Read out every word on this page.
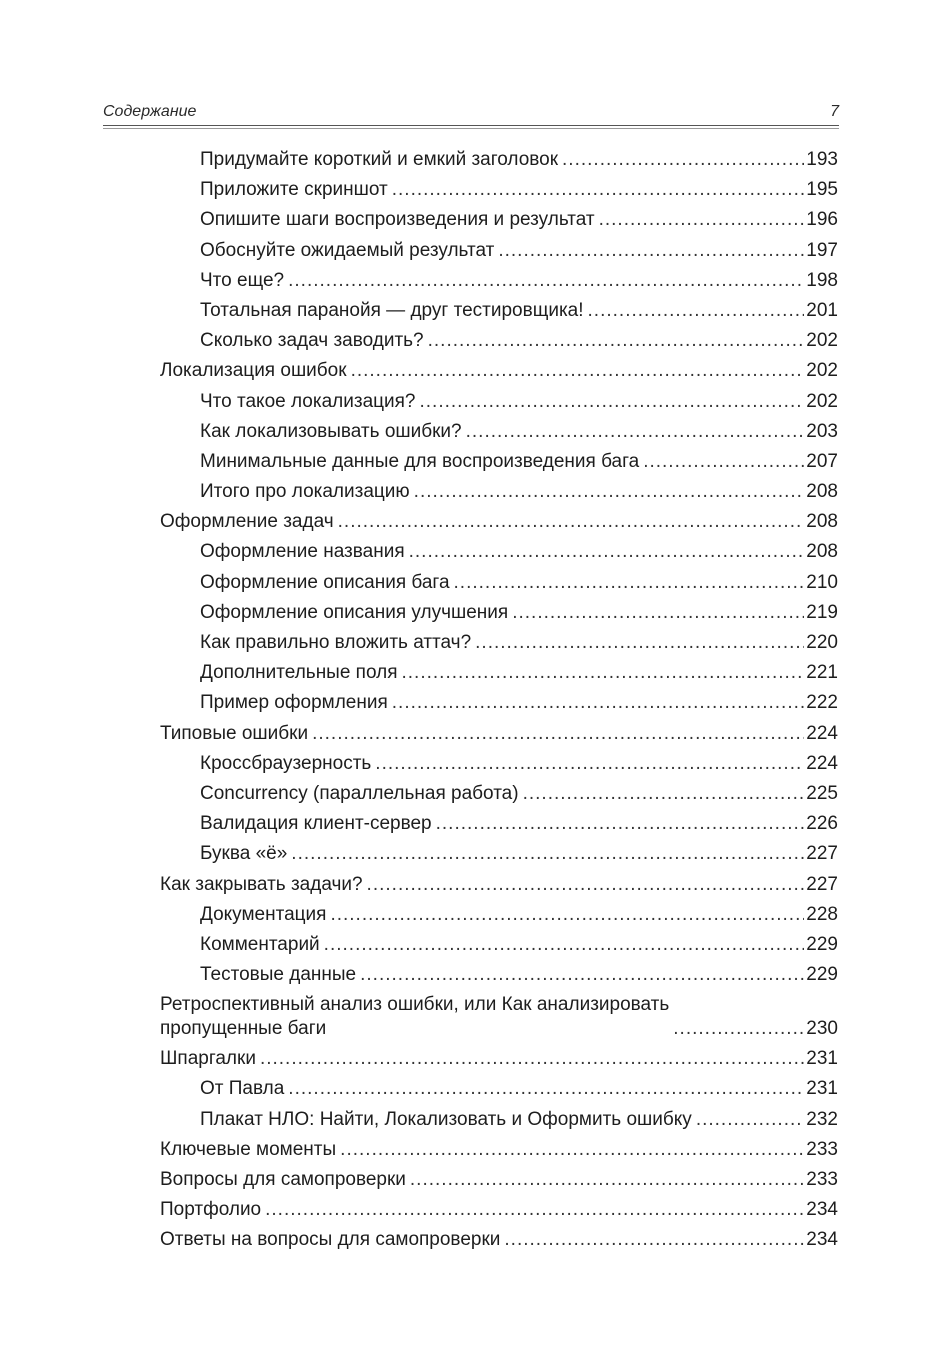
Содержание	7
Придумайте короткий и емкий заголовок .....	193
Приложите скриншот .....	195
Опишите шаги воспроизведения и результат .....	196
Обоснуйте ожидаемый результат .....	197
Что еще? .....	198
Тотальная паранойя — друг тестировщика! .....	201
Сколько задач заводить? .....	202
Локализация ошибок .....	202
Что такое локализация? .....	202
Как локализовывать ошибки? .....	203
Минимальные данные для воспроизведения бага .....	207
Итого про локализацию .....	208
Оформление задач .....	208
Оформление названия .....	208
Оформление описания бага .....	210
Оформление описания улучшения .....	219
Как правильно вложить аттач? .....	220
Дополнительные поля .....	221
Пример оформления .....	222
Типовые ошибки .....	224
Кроссбраузерность .....	224
Concurrency (параллельная работа) .....	225
Валидация клиент-сервер .....	226
Буква «ё» .....	227
Как закрывать задачи? .....	227
Документация .....	228
Комментарий .....	229
Тестовые данные .....	229
Ретроспективный анализ ошибки, или Как анализировать
пропущенные баги .....	230
Шпаргалки .....	231
От Павла .....	231
Плакат НЛО: Найти, Локализовать и Оформить ошибку .....	232
Ключевые моменты .....	233
Вопросы для самопроверки .....	233
Портфолио .....	234
Ответы на вопросы для самопроверки .....	234
